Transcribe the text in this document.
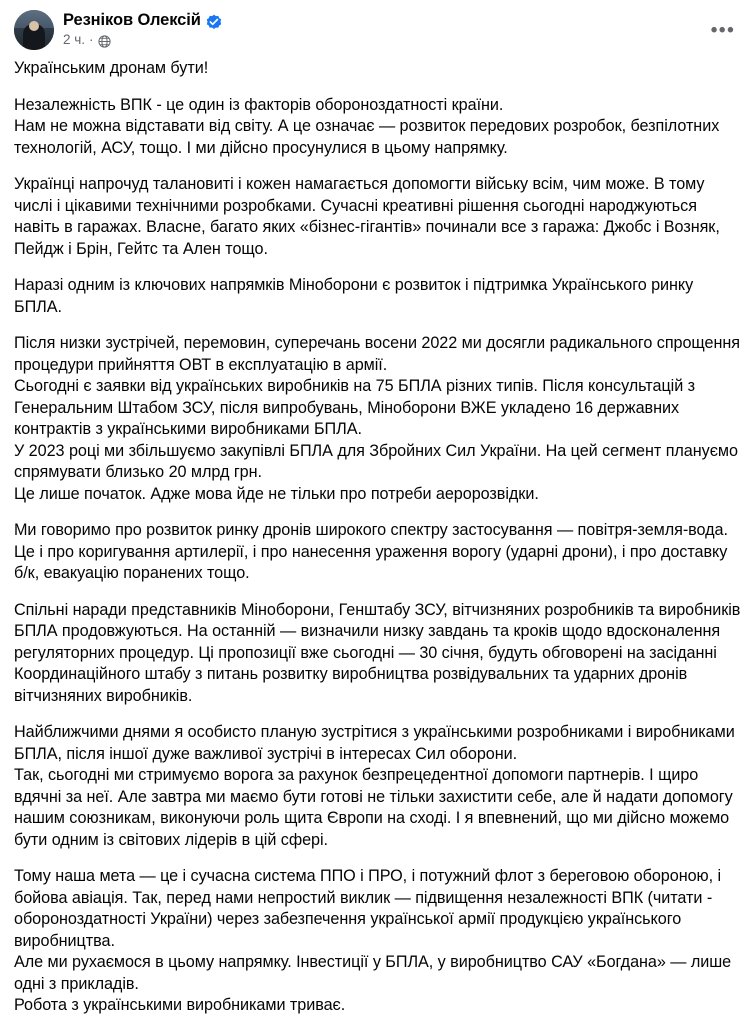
Резніков Олексій
2 ч. ·	•••

Українським дронам бути!

Незалежність ВПК - це один із факторів обороноздатності країни.

Нам не можна відставати від світу. А це означає — розвиток передових розробок, безпілотних технологій, АСУ, тощо. І ми дійсно просунулися в цьому напрямку.

Українці напрочуд талановиті і кожен намагається допомогти війську всім, чим може. В тому числі і цікавими технічними розробками. Сучасні креативні рішення сьогодні народжуються навіть в гаражах. Власне, багато яких «бізнес-гігантів» починали все з гаража: Джобс і Возняк, Пейдж і Брін, Гейтс та Ален тощо.

Наразі одним із ключових напрямків Міноборони є розвиток і підтримка Українського ринку БПЛА.

Після низки зустрічей, перемовин, суперечань восени 2022 ми досягли радикального спрощення процедури прийняття ОВТ в експлуатацію в армії.

Сьогодні є заявки від українських виробників на 75 БПЛА різних типів. Після консультацій з Генеральним Штабом ЗСУ, після випробувань, Міноборони ВЖЕ укладено 16 державних контрактів з українськими виробниками БПЛА.

У 2023 році ми збільшуємо закупівлі БПЛА для Збройних Сил України. На цей сегмент плануємо спрямувати близько 20 млрд грн.

Це лише початок. Адже мова йде не тільки про потреби аеророзвідки.

Ми говоримо про розвиток ринку дронів широкого спектру застосування — повітря-земля-вода.

Це і про коригування артилерії, і про нанесення ураження ворогу (ударні дрони), і про доставку б/к, евакуацію поранених тощо.

Спільні наради представників Міноборони, Генштабу ЗСУ, вітчизняних розробників та виробників БПЛА продовжуються. На останній — визначили низку завдань та кроків щодо вдосконалення регуляторних процедур. Ці пропозиції вже сьогодні — 30 січня, будуть обговорені на засіданні Координаційного штабу з питань розвитку виробництва розвідувальних та ударних дронів вітчизняних виробників.

Найближчими днями я особисто планую зустрітися з українськими розробниками і виробниками БПЛА, після іншої дуже важливої зустрічі в інтересах Сил оборони.

Так, сьогодні ми стримуємо ворога за рахунок безпрецедентної допомоги партнерів. І щиро вдячні за неї. Але завтра ми маємо бути готові не тільки захистити себе, але й надати допомогу нашим союзникам, виконуючи роль щита Європи на сході. І я впевнений, що ми дійсно можемо бути одним із світових лідерів в цій сфері.

Тому наша мета — це і сучасна система ППО і ПРО, і потужний флот з береговою обороною, і бойова авіація. Так, перед нами непростий виклик — підвищення незалежності ВПК (читати - обороноздатності України) через забезпечення української армії продукцією українського виробництва.

Але ми рухаємося в цьому напрямку. Інвестиції у БПЛА, у виробництво САУ «Богдана» — лише одні з прикладів.

Робота з українськими виробниками триває.
